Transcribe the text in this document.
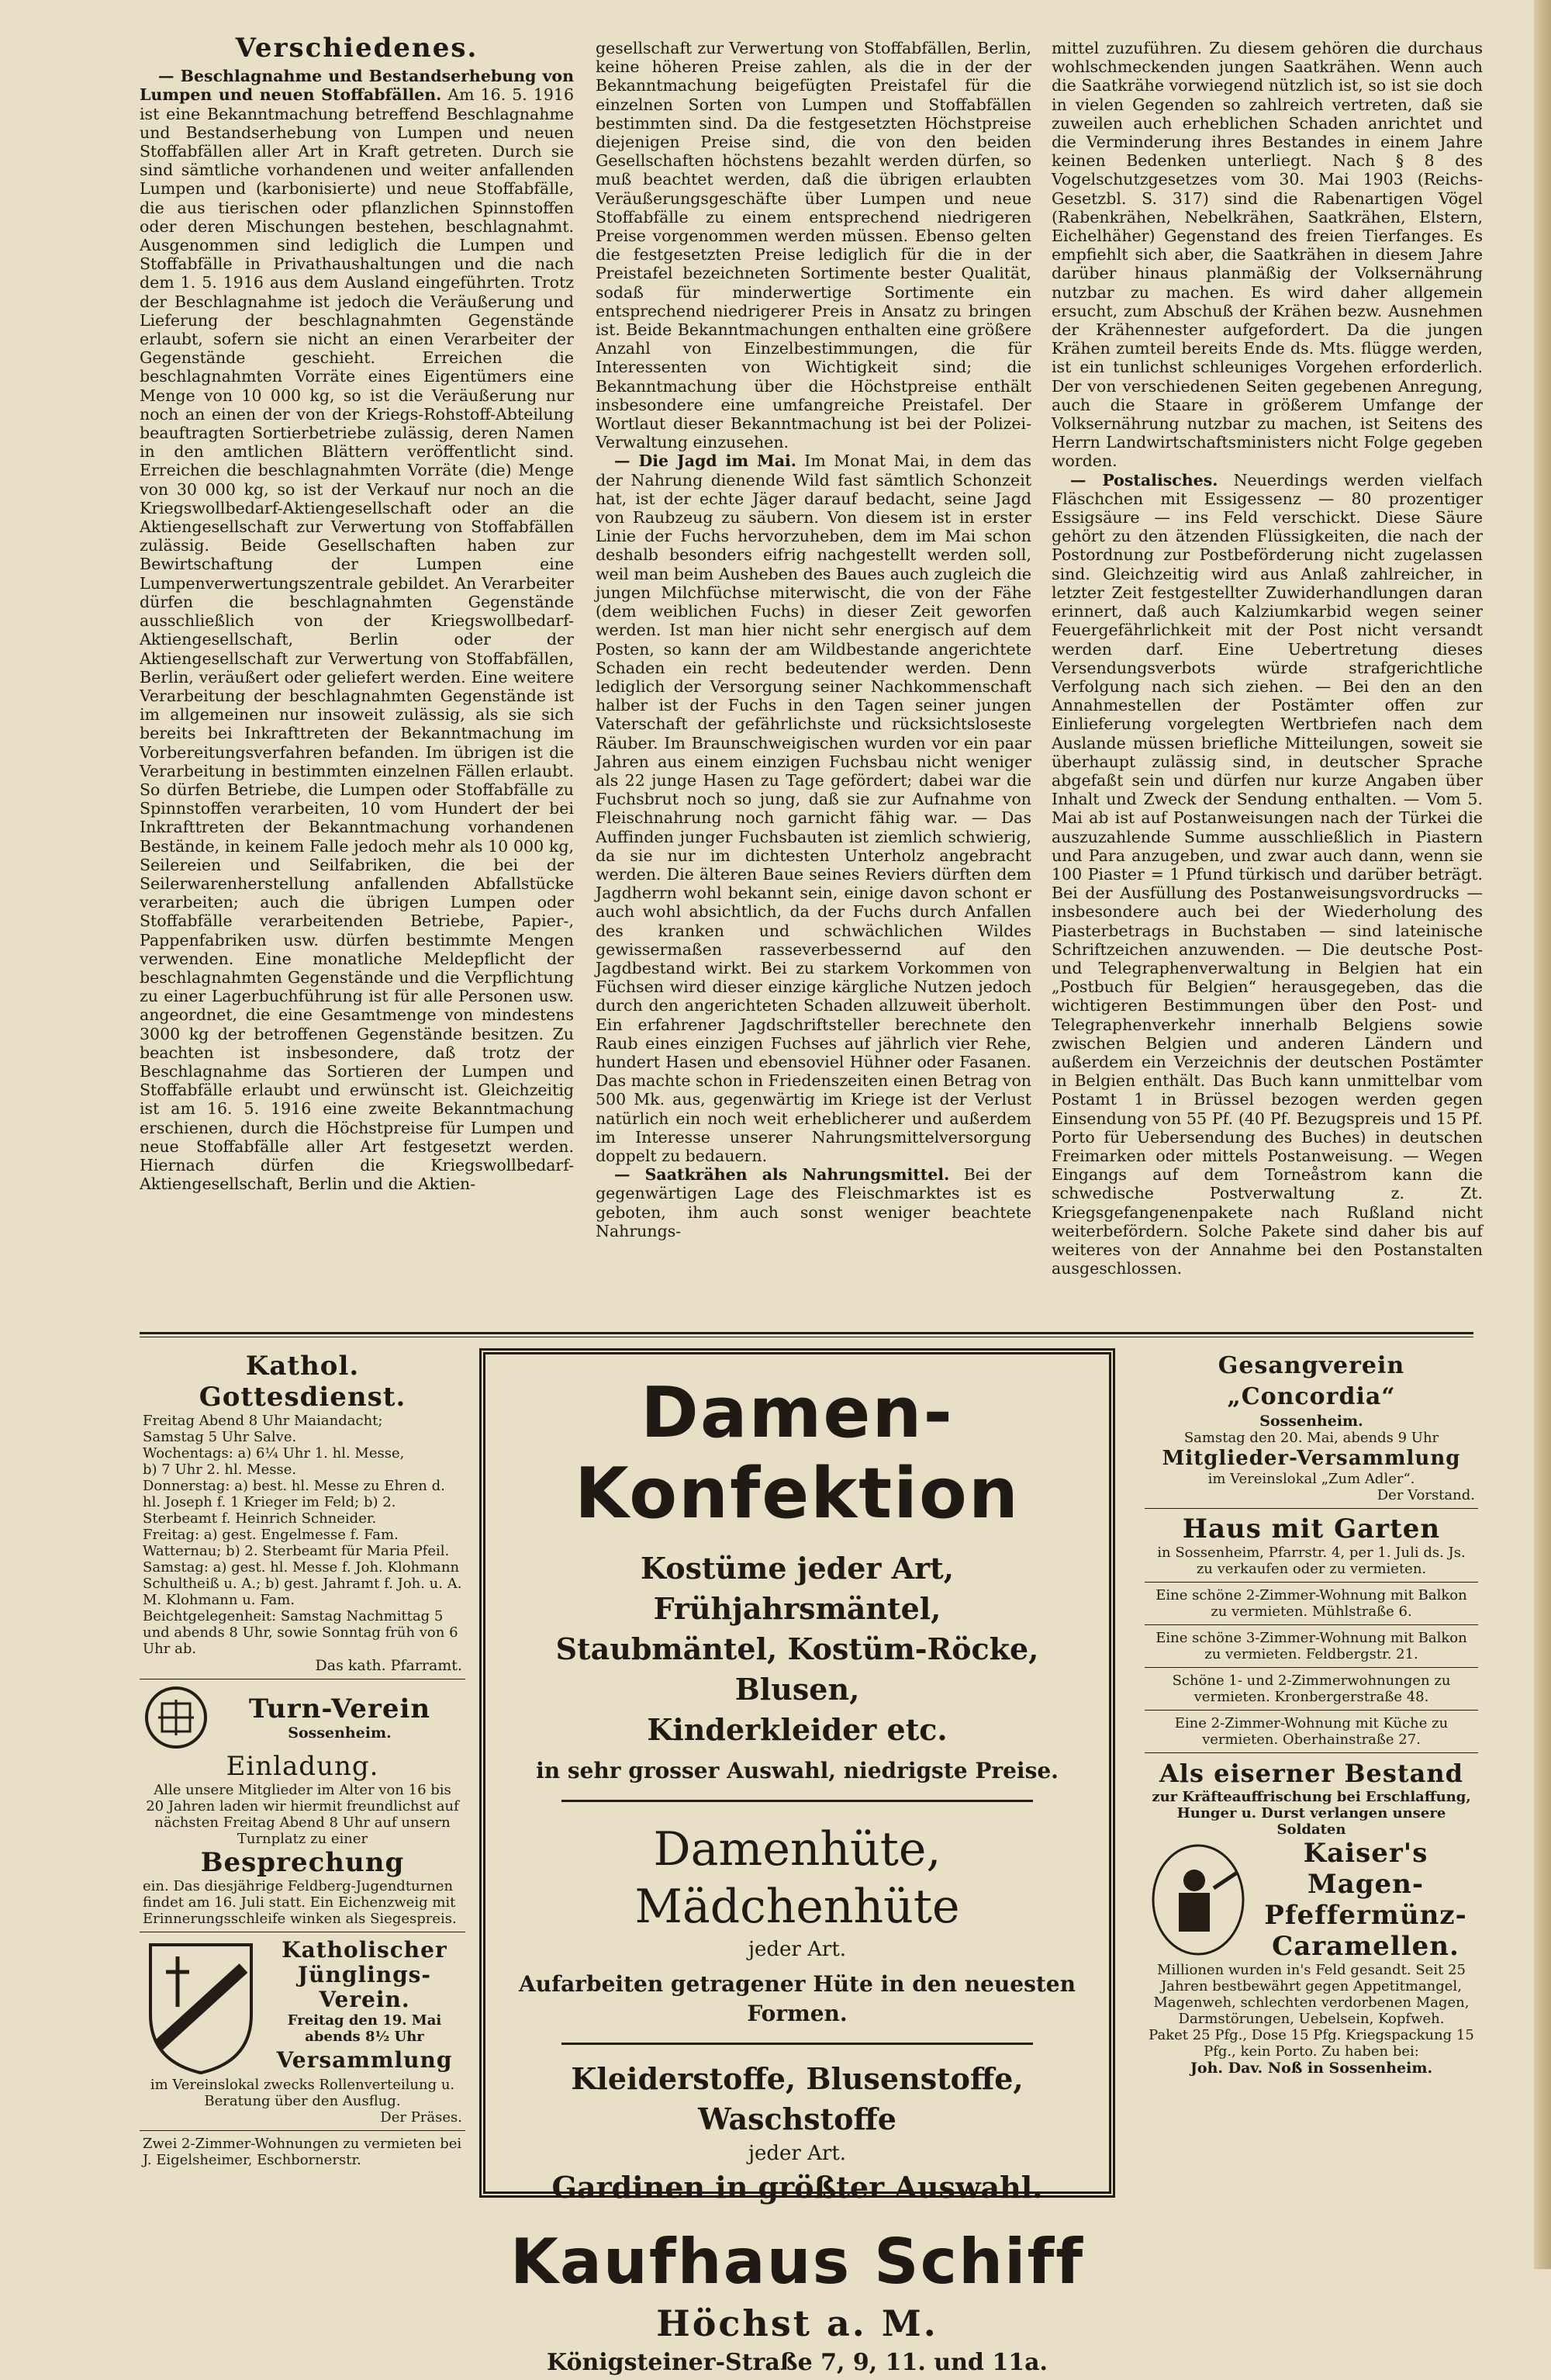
Verschiedenes.

— Beschlagnahme und Bestandserhebung von Lumpen und neuen Stoffabfällen. Am 16. 5. 1916 ist eine Bekanntmachung betreffend Beschlagnahme und Bestandserhebung von Lumpen und neuen Stoffabfällen aller Art in Kraft getreten. Durch sie sind sämtliche vorhandenen und weiter anfallenden Lumpen und (karbonisierte) und neue Stoffabfälle, die aus tierischen oder pflanzlichen Spinnstoffen oder deren Mischungen bestehen, beschlagnahmt. Ausgenommen sind lediglich die Lumpen und Stoffabfälle in Privathaushaltungen und die nach dem 1. 5. 1916 aus dem Ausland eingeführten. Trotz der Beschlagnahme ist jedoch die Veräußerung und Lieferung der beschlagnahmten Gegenstände erlaubt, sofern sie nicht an einen Verarbeiter der Gegenstände geschieht. Erreichen die beschlagnahmten Vorräte eines Eigentümers eine Menge von 10 000 kg, so ist die Veräußerung nur noch an einen der von der Kriegs-Rohstoff-Abteilung beauftragten Sortierbetriebe zulässig, deren Namen in den amtlichen Blättern veröffentlicht sind. Erreichen die beschlagnahmten Vorräte (die) Menge von 30 000 kg, so ist der Verkauf nur noch an die Kriegswollbedarf-Aktiengesellschaft oder an die Aktiengesellschaft zur Verwertung von Stoffabfällen zulässig. Beide Gesellschaften haben zur Bewirtschaftung der Lumpen eine Lumpenverwertungszentrale gebildet. An Verarbeiter dürfen die beschlagnahmten Gegenstände ausschließlich von der Kriegswollbedarf-Aktiengesellschaft, Berlin oder der Aktiengesellschaft zur Verwertung von Stoffabfällen, Berlin, veräußert oder geliefert werden. Eine weitere Verarbeitung der beschlagnahmten Gegenstände ist im allgemeinen nur insoweit zulässig, als sie sich bereits bei Inkrafttreten der Bekanntmachung im Vorbereitungsverfahren befanden. Im übrigen ist die Verarbeitung in bestimmten einzelnen Fällen erlaubt. So dürfen Betriebe, die Lumpen oder Stoffabfälle zu Spinnstoffen verarbeiten, 10 vom Hundert der bei Inkrafttreten der Bekanntmachung vorhandenen Bestände, in keinem Falle jedoch mehr als 10 000 kg, Seilereien und Seilfabriken, die bei der Seilerwarenherstellung anfallenden Abfallstücke verarbeiten; auch die übrigen Lumpen oder Stoffabfälle verarbeitenden Betriebe, Papier-, Pappenfabriken usw. dürfen bestimmte Mengen verwenden. Eine monatliche Meldepflicht der beschlagnahmten Gegenstände und die Verpflichtung zu einer Lagerbuchführung ist für alle Personen usw. angeordnet, die eine Gesamtmenge von mindestens 3000 kg der betroffenen Gegenstände besitzen. Zu beachten ist insbesondere, daß trotz der Beschlagnahme das Sortieren der Lumpen und Stoffabfälle erlaubt und erwünscht ist. Gleichzeitig ist am 16. 5. 1916 eine zweite Bekanntmachung erschienen, durch die Höchstpreise für Lumpen und neue Stoffabfälle aller Art festgesetzt werden. Hiernach dürfen die Kriegswollbedarf-Aktiengesellschaft, Berlin und die Aktien-

gesellschaft zur Verwertung von Stoffabfällen, Berlin, keine höheren Preise zahlen, als die in der der Bekanntmachung beigefügten Preistafel für die einzelnen Sorten von Lumpen und Stoffabfällen bestimmten sind. Da die festgesetzten Höchstpreise diejenigen Preise sind, die von den beiden Gesellschaften höchstens bezahlt werden dürfen, so muß beachtet werden, daß die übrigen erlaubten Veräußerungsgeschäfte über Lumpen und neue Stoffabfälle zu einem entsprechend niedrigeren Preise vorgenommen werden müssen. Ebenso gelten die festgesetzten Preise lediglich für die in der Preistafel bezeichneten Sortimente bester Qualität, sodaß für minderwertige Sortimente ein entsprechend niedrigerer Preis in Ansatz zu bringen ist. Beide Bekanntmachungen enthalten eine größere Anzahl von Einzelbestimmungen, die für Interessenten von Wichtigkeit sind; die Bekanntmachung über die Höchstpreise enthält insbesondere eine umfangreiche Preistafel. Der Wortlaut dieser Bekanntmachung ist bei der Polizei-Verwaltung einzusehen.

— Die Jagd im Mai. Im Monat Mai, in dem das der Nahrung dienende Wild fast sämtlich Schonzeit hat, ist der echte Jäger darauf bedacht, seine Jagd von Raubzeug zu säubern. Von diesem ist in erster Linie der Fuchs hervorzuheben, dem im Mai schon deshalb besonders eifrig nachgestellt werden soll, weil man beim Ausheben des Baues auch zugleich die jungen Milchfüchse miterwischt, die von der Fähe (dem weiblichen Fuchs) in dieser Zeit geworfen werden. Ist man hier nicht sehr energisch auf dem Posten, so kann der am Wildbestande angerichtete Schaden ein recht bedeutender werden. Denn lediglich der Versorgung seiner Nachkommenschaft halber ist der Fuchs in den Tagen seiner jungen Vaterschaft der gefährlichste und rücksichtsloseste Räuber. Im Braunschweigischen wurden vor ein paar Jahren aus einem einzigen Fuchsbau nicht weniger als 22 junge Hasen zu Tage gefördert; dabei war die Fuchsbrut noch so jung, daß sie zur Aufnahme von Fleischnahrung noch garnicht fähig war. — Das Auffinden junger Fuchsbauten ist ziemlich schwierig, da sie nur im dichtesten Unterholz angebracht werden. Die älteren Baue seines Reviers dürften dem Jagdherrn wohl bekannt sein, einige davon schont er auch wohl absichtlich, da der Fuchs durch Anfallen des kranken und schwächlichen Wildes gewissermaßen rasseverbessernd auf den Jagdbestand wirkt. Bei zu starkem Vorkommen von Füchsen wird dieser einzige kärgliche Nutzen jedoch durch den angerichteten Schaden allzuweit überholt. Ein erfahrener Jagdschriftsteller berechnete den Raub eines einzigen Fuchses auf jährlich vier Rehe, hundert Hasen und ebensoviel Hühner oder Fasanen. Das machte schon in Friedenszeiten einen Betrag von 500 Mk. aus, gegenwärtig im Kriege ist der Verlust natürlich ein noch weit erheblicherer und außerdem im Interesse unserer Nahrungsmittelversorgung doppelt zu bedauern.

— Saatkrähen als Nahrungsmittel. Bei der gegenwärtigen Lage des Fleischmarktes ist es geboten, ihm auch sonst weniger beachtete Nahrungs-

mittel zuzuführen. Zu diesem gehören die durchaus wohlschmeckenden jungen Saatkrähen. Wenn auch die Saatkrähe vorwiegend nützlich ist, so ist sie doch in vielen Gegenden so zahlreich vertreten, daß sie zuweilen auch erheblichen Schaden anrichtet und die Verminderung ihres Bestandes in einem Jahre keinen Bedenken unterliegt. Nach § 8 des Vogelschutzgesetzes vom 30. Mai 1903 (Reichs-Gesetzbl. S. 317) sind die Rabenartigen Vögel (Rabenkrähen, Nebelkrähen, Saatkrähen, Elstern, Eichelhäher) Gegenstand des freien Tierfanges. Es empfiehlt sich aber, die Saatkrähen in diesem Jahre darüber hinaus planmäßig der Volksernährung nutzbar zu machen. Es wird daher allgemein ersucht, zum Abschuß der Krähen bezw. Ausnehmen der Krähennester aufgefordert. Da die jungen Krähen zumteil bereits Ende ds. Mts. flügge werden, ist ein tunlichst schleuniges Vorgehen erforderlich. Der von verschiedenen Seiten gegebenen Anregung, auch die Staare in größerem Umfange der Volksernährung nutzbar zu machen, ist Seitens des Herrn Landwirtschaftsministers nicht Folge gegeben worden.

— Postalisches. Neuerdings werden vielfach Fläschchen mit Essigessenz — 80 prozentiger Essigsäure — ins Feld verschickt. Diese Säure gehört zu den ätzenden Flüssigkeiten, die nach der Postordnung zur Postbeförderung nicht zugelassen sind. Gleichzeitig wird aus Anlaß zahlreicher, in letzter Zeit festgestellter Zuwiderhandlungen daran erinnert, daß auch Kalziumkarbid wegen seiner Feuergefährlichkeit mit der Post nicht versandt werden darf. Eine Uebertretung dieses Versendungsverbots würde strafgerichtliche Verfolgung nach sich ziehen. — Bei den an den Annahmestellen der Postämter offen zur Einlieferung vorgelegten Wertbriefen nach dem Auslande müssen briefliche Mitteilungen, soweit sie überhaupt zulässig sind, in deutscher Sprache abgefaßt sein und dürfen nur kurze Angaben über Inhalt und Zweck der Sendung enthalten. — Vom 5. Mai ab ist auf Postanweisungen nach der Türkei die auszuzahlende Summe ausschließlich in Piastern und Para anzugeben, und zwar auch dann, wenn sie 100 Piaster = 1 Pfund türkisch und darüber beträgt. Bei der Ausfüllung des Postanweisungsvordrucks — insbesondere auch bei der Wiederholung des Piasterbetrags in Buchstaben — sind lateinische Schriftzeichen anzuwenden. — Die deutsche Post- und Telegraphenverwaltung in Belgien hat ein „Postbuch für Belgien“ herausgegeben, das die wichtigeren Bestimmungen über den Post- und Telegraphenverkehr innerhalb Belgiens sowie zwischen Belgien und anderen Ländern und außerdem ein Verzeichnis der deutschen Postämter in Belgien enthält. Das Buch kann unmittelbar vom Postamt 1 in Brüssel bezogen werden gegen Einsendung von 55 Pf. (40 Pf. Bezugspreis und 15 Pf. Porto für Uebersendung des Buches) in deutschen Freimarken oder mittels Postanweisung. — Wegen Eingangs auf dem Torneåstrom kann die schwedische Postverwaltung z. Zt. Kriegsgefangenenpakete nach Rußland nicht weiterbefördern. Solche Pakete sind daher bis auf weiteres von der Annahme bei den Postanstalten ausgeschlossen.

Kathol. Gottesdienst.
Freitag Abend 8 Uhr Maiandacht;
Samstag 5 Uhr Salve.
Wochentags: a) 6¼ Uhr 1. hl. Messe,
b) 7 Uhr 2. hl. Messe.
Donnerstag: a) best. hl. Messe zu Ehren d. hl. Joseph f. 1 Krieger im Feld; b) 2. Sterbeamt f. Heinrich Schneider.
Freitag: a) gest. Engelmesse f. Fam. Watternau; b) 2. Sterbeamt für Maria Pfeil.
Samstag: a) gest. hl. Messe f. Joh. Klohmann Schultheiß u. A.; b) gest. Jahramt f. Joh. u. A. M. Klohmann u. Fam.
Beichtgelegenheit: Samstag Nachmittag 5 und abends 8 Uhr, sowie Sonntag früh von 6 Uhr ab.
Das kath. Pfarramt.
Turn-Verein
Sossenheim.
Einladung.
Alle unsere Mitglieder im Alter von 16 bis 20 Jahren laden wir hiermit freundlichst auf nächsten Freitag Abend 8 Uhr auf unsern Turnplatz zu einer
Besprechung
ein. Das diesjährige Feldberg-Jugendturnen findet am 16. Juli statt. Ein Eichenzweig mit Erinnerungsschleife winken als Siegespreis.
Katholischer Jünglings-Verein.
Freitag den 19. Mai abends 8½ Uhr
Versammlung
im Vereinslokal zwecks Rollenverteilung u. Beratung über den Ausflug.
Der Präses.
Zwei 2-Zimmer-Wohnungen zu vermieten bei J. Eigelsheimer, Eschbornerstr.
Damen-Konfektion
Kostüme jeder Art, Frühjahrsmäntel,
Staubmäntel, Kostüm-Röcke, Blusen,
Kinderkleider etc.
in sehr grosser Auswahl, niedrigste Preise.
Damenhüte, Mädchenhüte
jeder Art.
Aufarbeiten getragener Hüte in den neuesten Formen.
Kleiderstoffe, Blusenstoffe, Waschstoffe
jeder Art.
Gardinen in größter Auswahl.
Kaufhaus Schiff
Höchst a. M.
Königsteiner-Straße 7, 9, 11. und 11a.
Gesangverein „Concordia“
Sossenheim.
Samstag den 20. Mai, abends 9 Uhr
Mitglieder-Versammlung
im Vereinslokal „Zum Adler“.
Der Vorstand.
Haus mit Garten
in Sossenheim, Pfarrstr. 4, per 1. Juli ds. Js. zu verkaufen oder zu vermieten.
Eine schöne 2-Zimmer-Wohnung mit Balkon zu vermieten. Mühlstraße 6.
Eine schöne 3-Zimmer-Wohnung mit Balkon zu vermieten. Feldbergstr. 21.
Schöne 1- und 2-Zimmerwohnungen zu vermieten. Kronbergerstraße 48.
Eine 2-Zimmer-Wohnung mit Küche zu vermieten. Oberhainstraße 27.
Als eiserner Bestand
zur Kräfteauffrischung bei Erschlaffung, Hunger u. Durst verlangen unsere Soldaten
Kaiser's
Magen-
Pfeffermünz-
Caramellen.
Millionen wurden in's Feld gesandt. Seit 25 Jahren bestbewährt gegen Appetitmangel, Magenweh, schlechten verdorbenen Magen, Darmstörungen, Uebelsein, Kopfweh.
Paket 25 Pfg., Dose 15 Pfg. Kriegspackung 15 Pfg., kein Porto. Zu haben bei:
Joh. Dav. Noß in Sossenheim.
